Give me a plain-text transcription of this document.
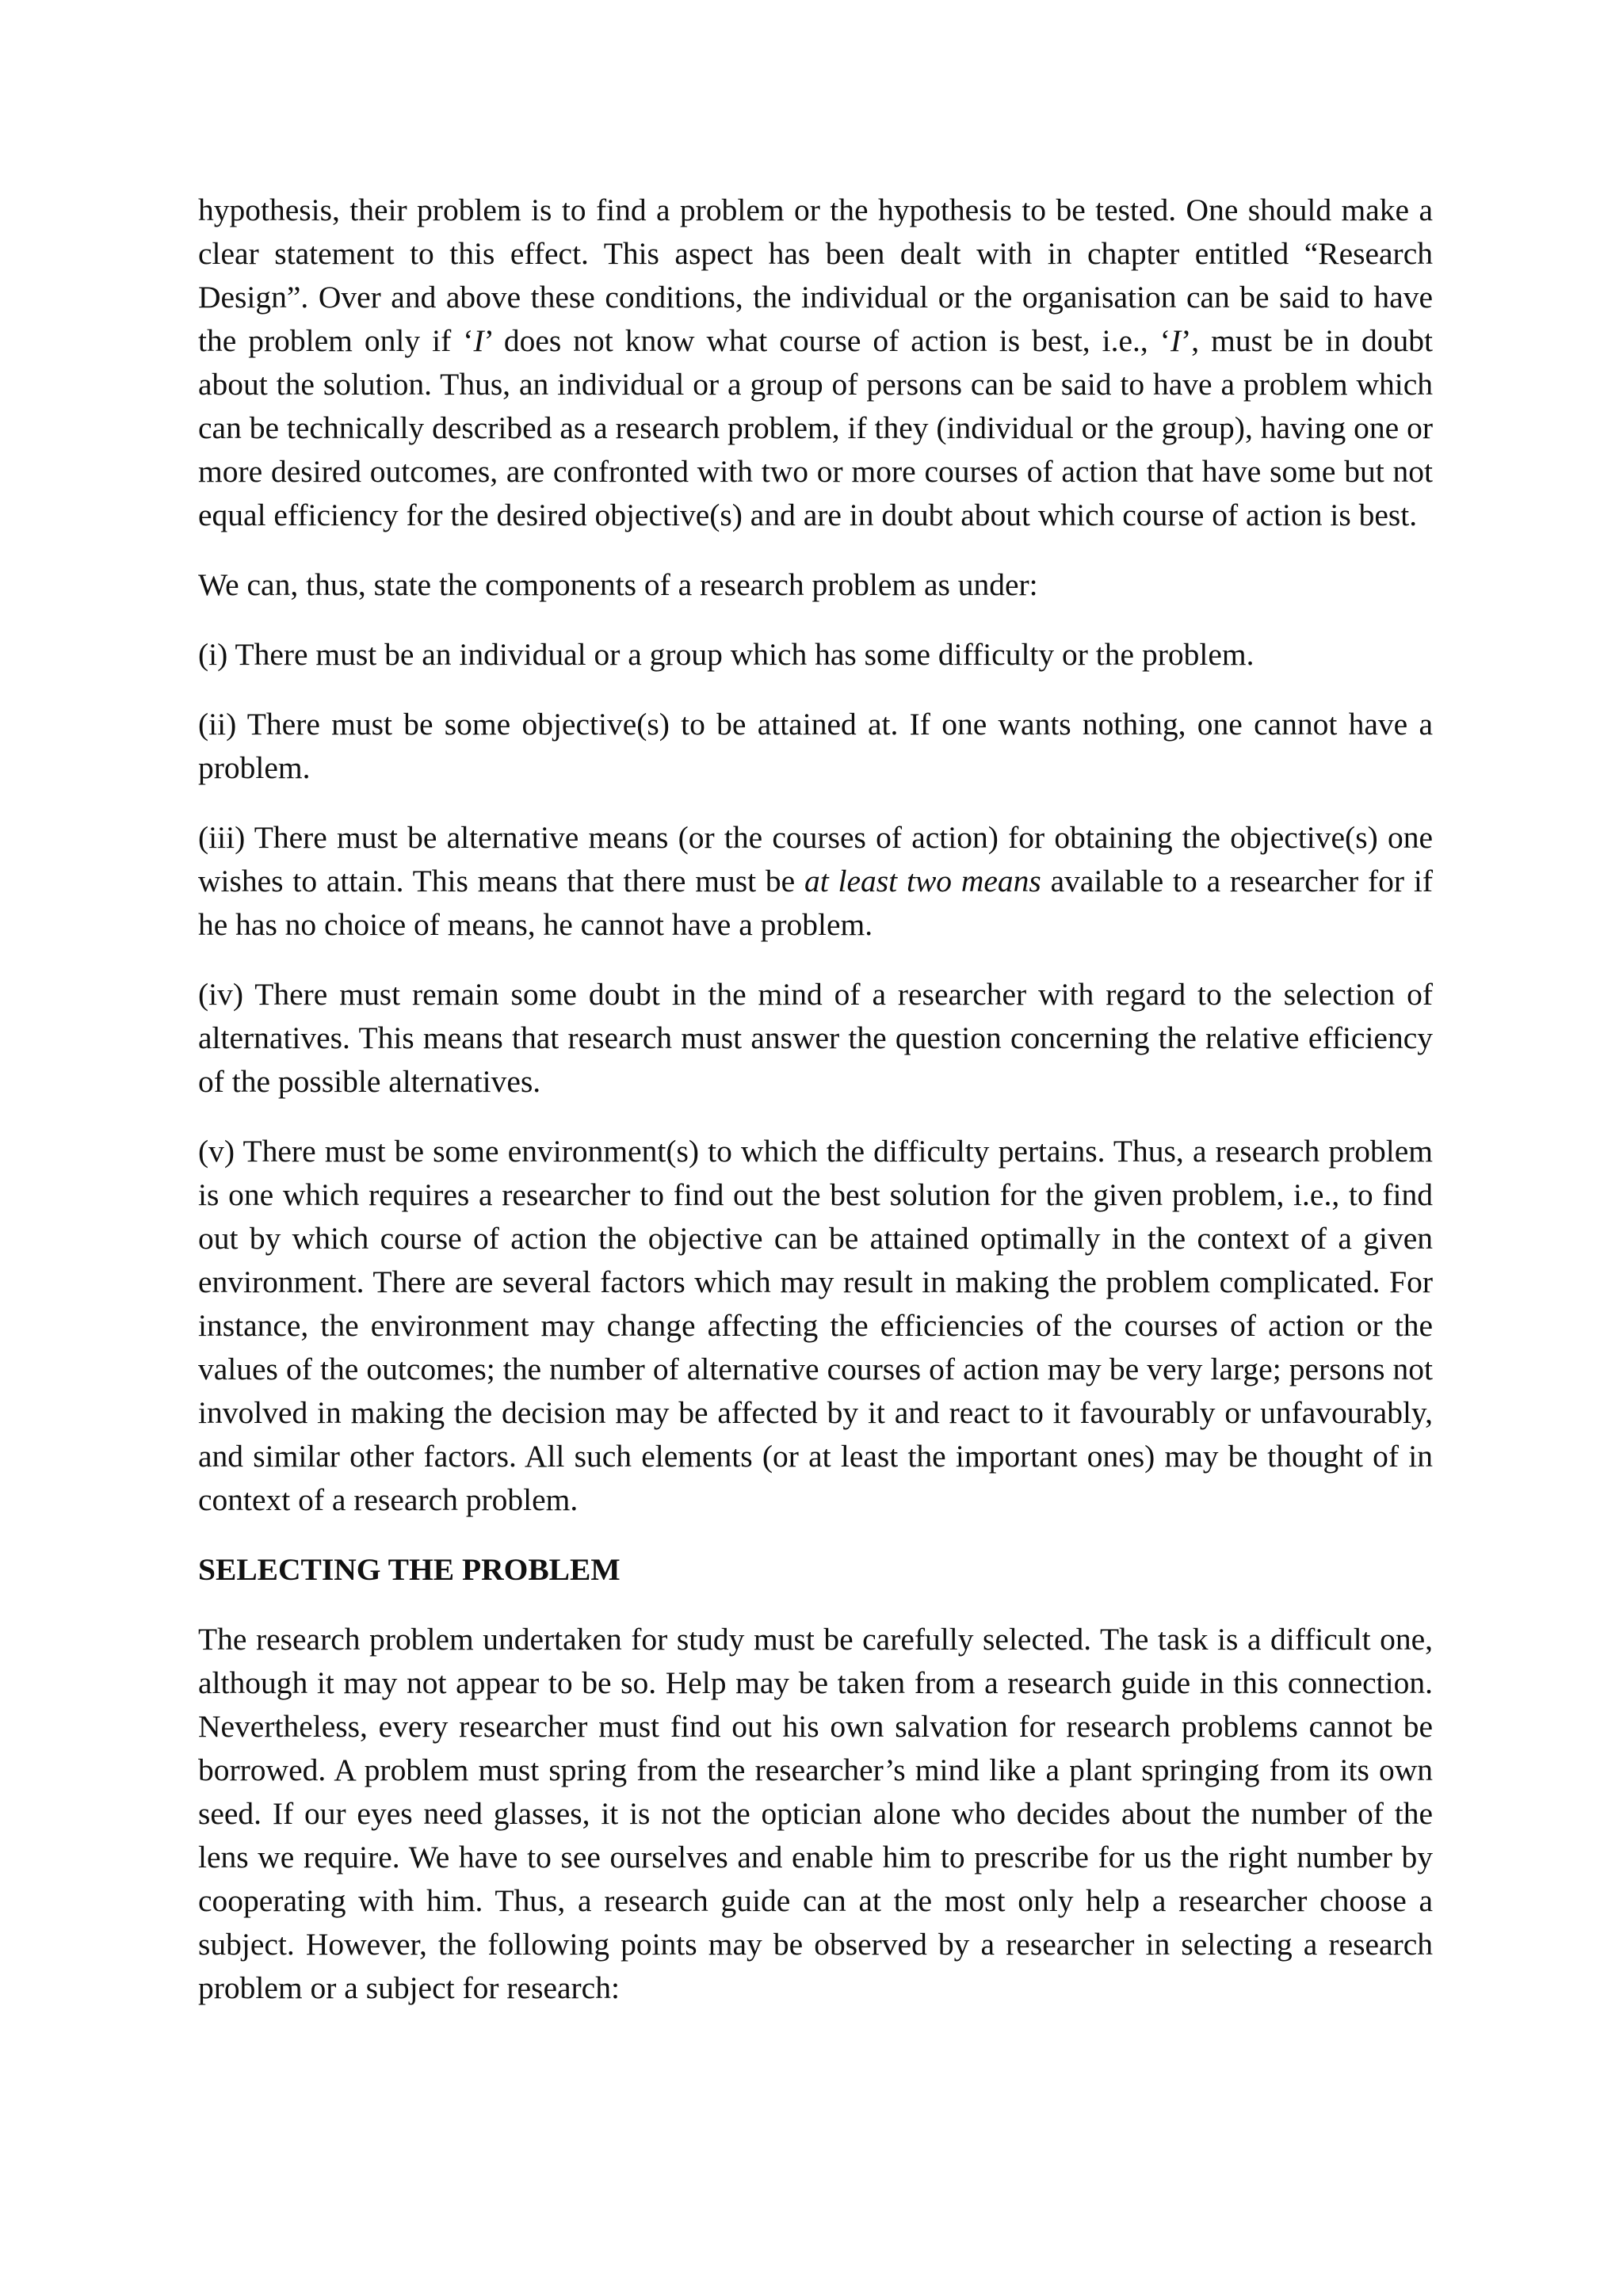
hypothesis, their problem is to find a problem or the hypothesis to be tested. One should make a clear statement to this effect. This aspect has been dealt with in chapter entitled “Research Design”. Over and above these conditions, the individual or the organisation can be said to have the problem only if ‘I’ does not know what course of action is best, i.e., ‘I’, must be in doubt about the solution. Thus, an individual or a group of persons can be said to have a problem which can be technically described as a research problem, if they (individual or the group), having one or more desired outcomes, are confronted with two or more courses of action that have some but not equal efficiency for the desired objective(s) and are in doubt about which course of action is best.

We can, thus, state the components of a research problem as under:

(i) There must be an individual or a group which has some difficulty or the problem.

(ii) There must be some objective(s) to be attained at. If one wants nothing, one cannot have a problem.

(iii) There must be alternative means (or the courses of action) for obtaining the objective(s) one wishes to attain. This means that there must be at least two means available to a researcher for if he has no choice of means, he cannot have a problem.

(iv) There must remain some doubt in the mind of a researcher with regard to the selection of alternatives. This means that research must answer the question concerning the relative efficiency of the possible alternatives.

(v) There must be some environment(s) to which the difficulty pertains. Thus, a research problem is one which requires a researcher to find out the best solution for the given problem, i.e., to find out by which course of action the objective can be attained optimally in the context of a given environment. There are several factors which may result in making the problem complicated. For instance, the environment may change affecting the efficiencies of the courses of action or the values of the outcomes; the number of alternative courses of action may be very large; persons not involved in making the decision may be affected by it and react to it favourably or unfavourably, and similar other factors. All such elements (or at least the important ones) may be thought of in context of a research problem.

SELECTING THE PROBLEM

The research problem undertaken for study must be carefully selected. The task is a difficult one, although it may not appear to be so. Help may be taken from a research guide in this connection. Nevertheless, every researcher must find out his own salvation for research problems cannot be borrowed. A problem must spring from the researcher’s mind like a plant springing from its own seed. If our eyes need glasses, it is not the optician alone who decides about the number of the lens we require. We have to see ourselves and enable him to prescribe for us the right number by cooperating with him. Thus, a research guide can at the most only help a researcher choose a subject. However, the following points may be observed by a researcher in selecting a research problem or a subject for research:
